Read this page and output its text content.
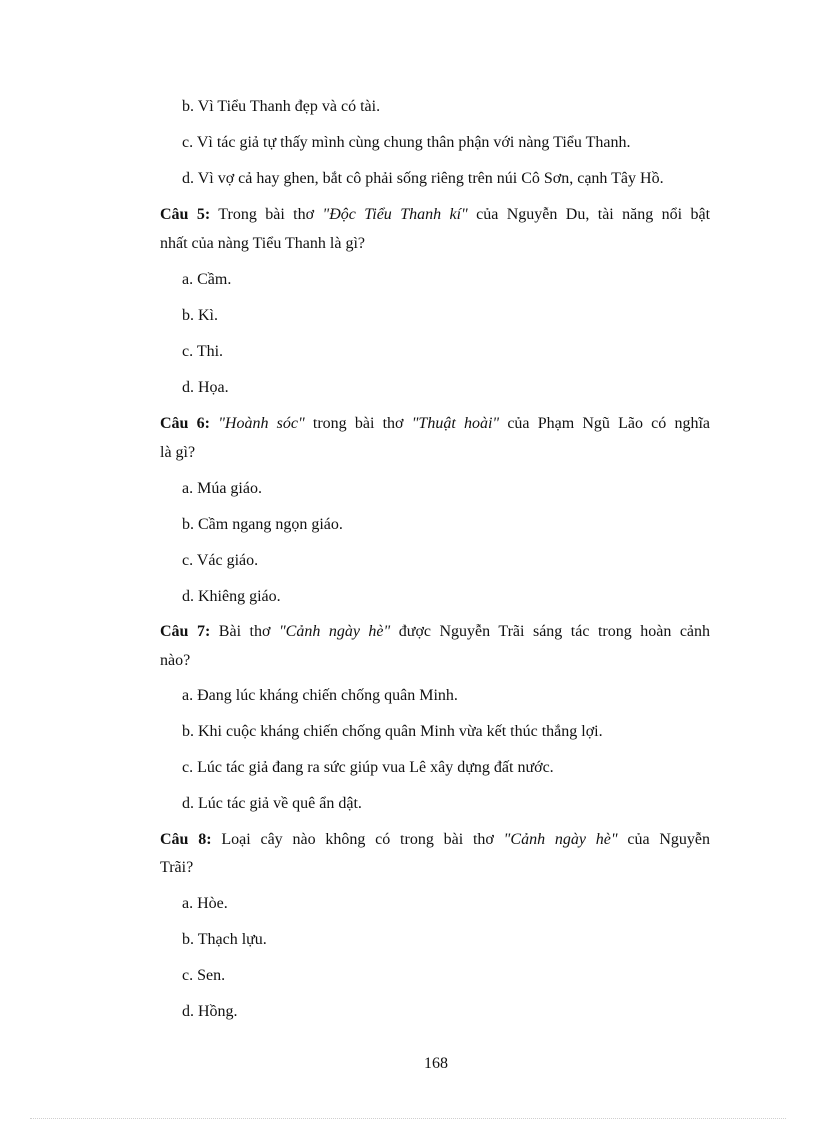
b. Vì Tiểu Thanh đẹp và có tài.
c. Vì tác giả tự thấy mình cùng chung thân phận với nàng Tiểu Thanh.
d. Vì vợ cả hay ghen, bắt cô phải sống riêng trên núi Cô Sơn, cạnh Tây Hồ.
Câu 5: Trong bài thơ "Độc Tiểu Thanh kí" của Nguyễn Du, tài năng nổi bật
nhất của nàng Tiểu Thanh là gì?
a. Cầm.
b. Kì.
c. Thi.
d. Họa.
Câu 6: "Hoành sóc" trong bài thơ "Thuật hoài" của Phạm Ngũ Lão có nghĩa
là gì?
a. Múa giáo.
b. Cầm ngang ngọn giáo.
c. Vác giáo.
d. Khiêng giáo.
Câu 7: Bài thơ "Cảnh ngày hè" được Nguyễn Trãi sáng tác trong hoàn cảnh
nào?
a. Đang lúc kháng chiến chống quân Minh.
b. Khi cuộc kháng chiến chống quân Minh vừa kết thúc thắng lợi.
c. Lúc tác giả đang ra sức giúp vua Lê xây dựng đất nước.
d. Lúc tác giả về quê ẩn dật.
Câu 8: Loại cây nào không có trong bài thơ "Cảnh ngày hè" của Nguyễn
Trãi?
a. Hòe.
b. Thạch lựu.
c. Sen.
d. Hồng.
168
